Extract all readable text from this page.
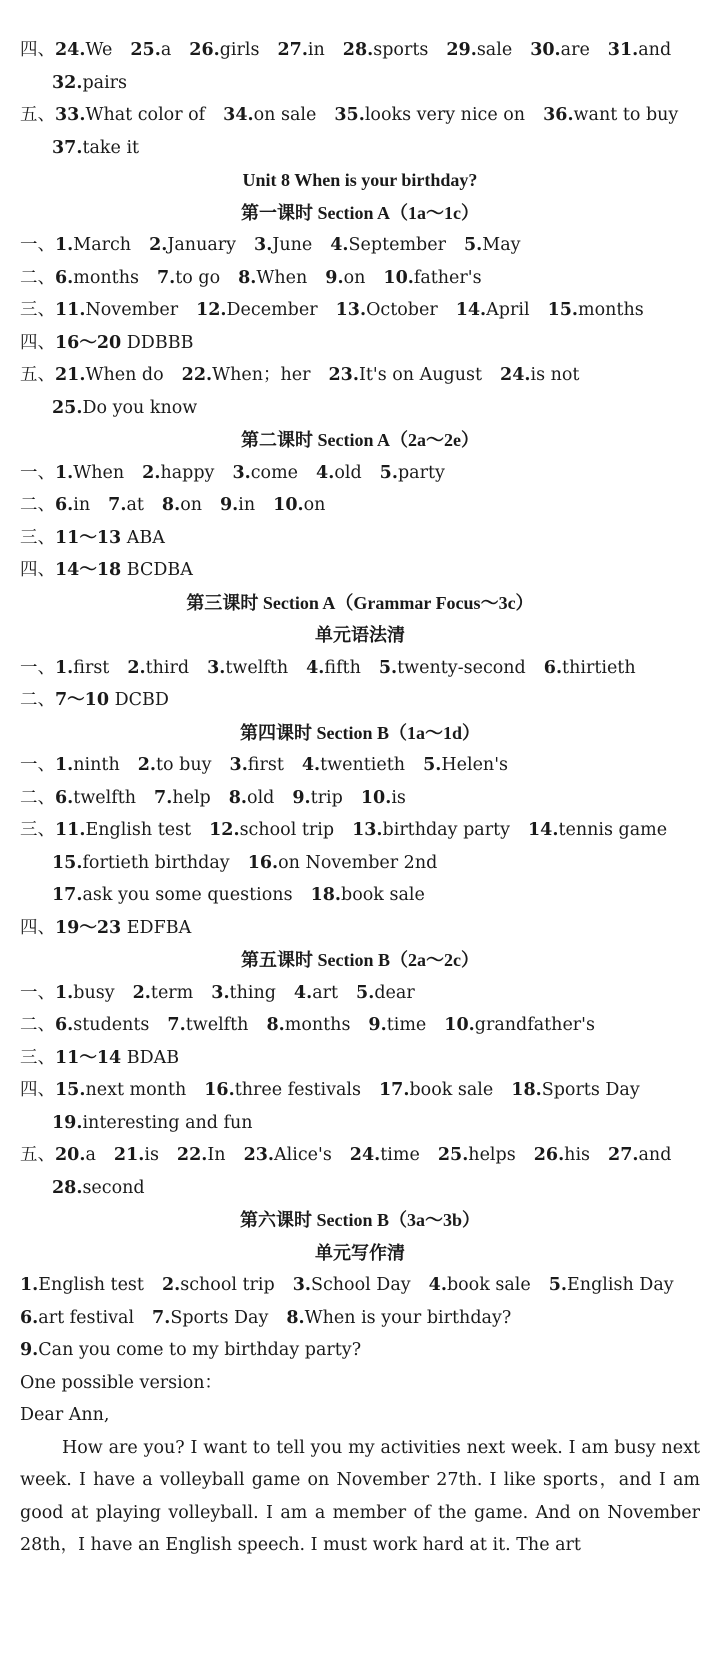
四、24.We 25.a 26.girls 27.in 28.sports 29.sale 30.are 31.and
32.pairs
五、33.What color of 34.on sale 35.looks very nice on 36.want to buy
37.take it
Unit 8 When is your birthday?
第一课时 Section A（1a～1c）
一、1.March 2.January 3.June 4.September 5.May
二、6.months 7.to go 8.When 9.on 10.father's
三、11.November 12.December 13.October 14.April 15.months
四、16～20 DDBBB
五、21.When do 22.When；her 23.It's on August 24.is not
25.Do you know
第二课时 Section A（2a～2e）
一、1.When 2.happy 3.come 4.old 5.party
二、6.in 7.at 8.on 9.in 10.on
三、11～13 ABA
四、14～18 BCDBA
第三课时 Section A（Grammar Focus～3c）
单元语法清
一、1.first 2.third 3.twelfth 4.fifth 5.twenty-second 6.thirtieth
二、7～10 DCBD
第四课时 Section B（1a～1d）
一、1.ninth 2.to buy 3.first 4.twentieth 5.Helen's
二、6.twelfth 7.help 8.old 9.trip 10.is
三、11.English test 12.school trip 13.birthday party 14.tennis game
15.fortieth birthday 16.on November 2nd
17.ask you some questions 18.book sale
四、19～23 EDFBA
第五课时 Section B（2a～2c）
一、1.busy 2.term 3.thing 4.art 5.dear
二、6.students 7.twelfth 8.months 9.time 10.grandfather's
三、11～14 BDAB
四、15.next month 16.three festivals 17.book sale 18.Sports Day
19.interesting and fun
五、20.a 21.is 22.In 23.Alice's 24.time 25.helps 26.his 27.and
28.second
第六课时 Section B（3a～3b）
单元写作清
1.English test 2.school trip 3.School Day 4.book sale 5.English Day
6.art festival 7.Sports Day 8.When is your birthday?
9.Can you come to my birthday party?
One possible version：
Dear Ann,
How are you? I want to tell you my activities next week. I am busy next week. I have a volleyball game on November 27th. I like sports，and I am good at playing volleyball. I am a member of the game. And on November 28th，I have an English speech. I must work hard at it. The art
